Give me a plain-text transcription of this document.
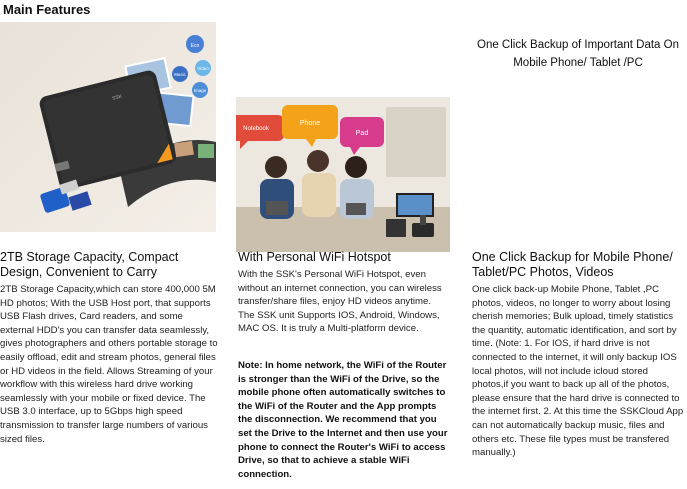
Main Features
Eco
Video
Music
Image
SSK
2TB Storage Capacity, Compact Design, Convenient to Carry
2TB Storage Capacity,which can store 400,000 5M HD photos; With the USB Host port, that supports USB Flash drives, Card readers, and some external HDD's you can transfer data seamlessly, gives photographers and others portable storage to easily offload, edit and stream photos, general files or HD videos in the field. Allows Streaming of your workflow with this wireless hard drive working seamlessly with your mobile or fixed device. The USB 3.0 interface, up to 5Gbps high speed transmission to transfer large numbers of various sized files.
Notebook
Phone
Pad
With Personal WiFi Hotspot
With the SSK's Personal WiFi Hotspot, even without an internet connection, you can wireless transfer/share files, enjoy HD videos anytime. The SSK unit Supports IOS, Android, Windows, MAC OS. It is truly a Multi-platform device.
Note: In home network, the WiFi of the Router is stronger than the WiFi of the Drive, so the mobile phone often automatically switches to the WiFi of the Router and the App prompts the disconnection. We recommend that you set the Drive to the Internet and then use your phone to connect the Router's WiFi to access Drive, so that to achieve a stable WiFi connection.
One Click Backup of Important Data On Mobile Phone/ Tablet /PC
One-click Backup
SSK
One Click Backup for Mobile Phone/ Tablet/PC Photos, Videos
One click back-up Mobile Phone, Tablet ,PC photos, videos, no longer to worry about losing cherish memories; Bulk upload, timely statistics the quantity, automatic identification, and sort by time. (Note: 1. For IOS, if hard drive is not connected to the internet, it will only backup IOS local photos, will not include icloud stored photos,if you want to back up all of the photos, please ensure that the hard drive is connected to the internet first. 2. At this time the SSKCloud App can not automatically backup music, files and others etc. These file types must be transfered manually.)
